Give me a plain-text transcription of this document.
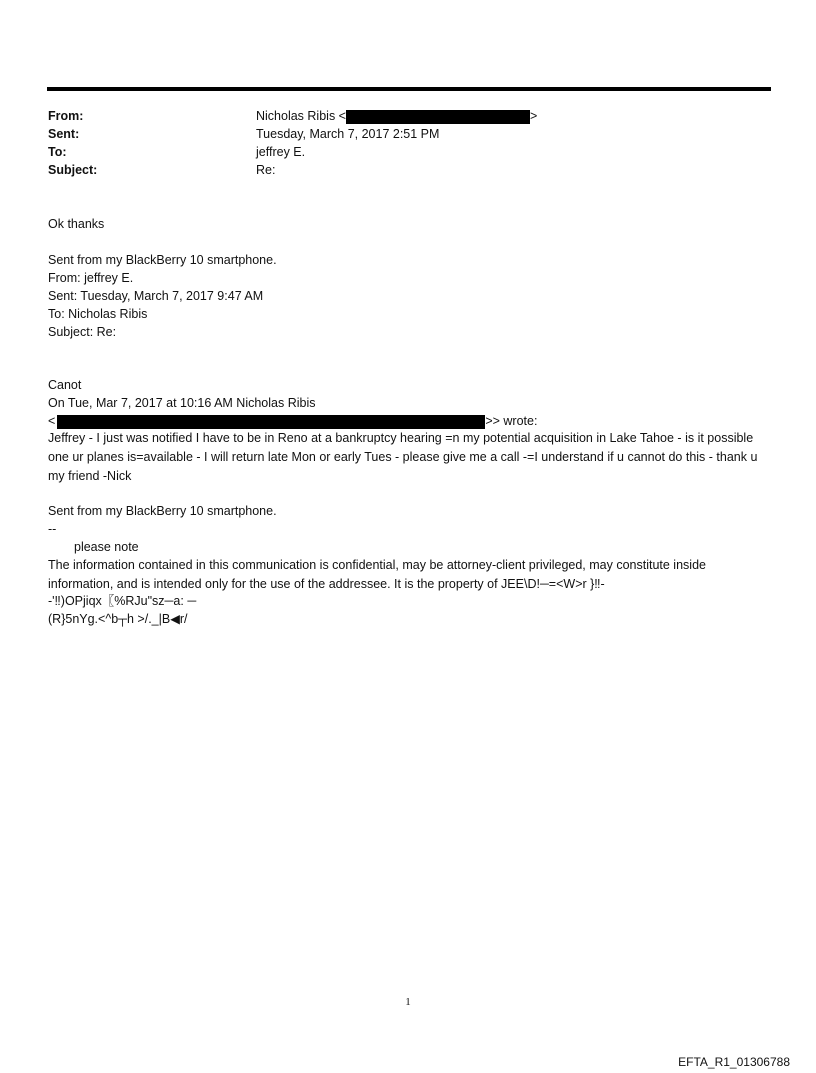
From:	Nicholas Ribis <	>
Sent:	Tuesday, March 7, 2017 2:51 PM
To:	jeffrey E.
Subject:	Re:
Ok thanks
Sent from my BlackBerry 10 smartphone.
From: jeffrey E.
Sent: Tuesday, March 7, 2017 9:47 AM
To: Nicholas Ribis
Subject: Re:
Canot
On Tue, Mar 7, 2017 at 10:16 AM Nicholas Ribis
<	>> wrote:
Jeffrey - I just was notified I have to be in Reno at a bankruptcy hearing =n my potential acquisition in Lake Tahoe - is it possible one ur planes is=available - I will return late Mon or early Tues - please give me a call -=I understand if u cannot do this - thank u my friend -Nick
Sent from my BlackBerry 10 smartphone.
--
please note
The information contained in this communication is confidential, may be attorney-client privileged, may constitute inside information, and is intended only for the use of the addressee. It is the property of JEE\D!─=<W>r }‼-
-'‼)OPjiqx〖%RJu"sz─a: ─
(R}5nYg.<^b┬h >/._|B◀r/
1
EFTA_R1_01306788
